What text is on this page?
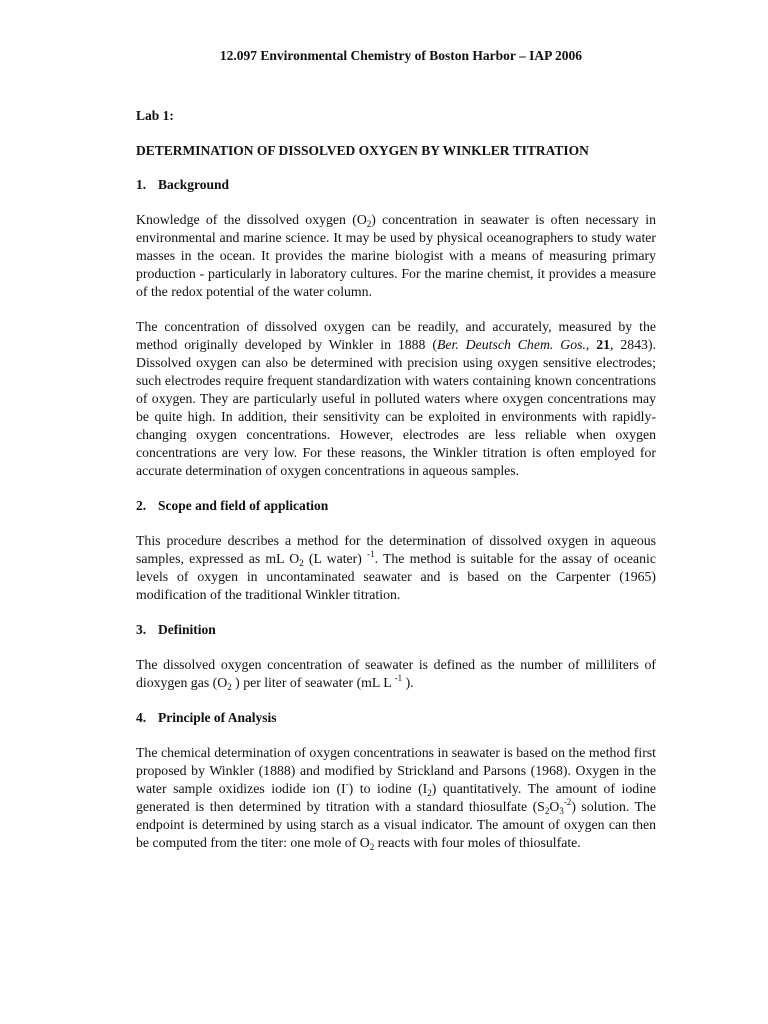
12.097 Environmental Chemistry of Boston Harbor – IAP 2006
Lab 1:
DETERMINATION OF DISSOLVED OXYGEN BY WINKLER TITRATION
1. Background

Knowledge of the dissolved oxygen $(O_2)$ concentration in seawater is often necessary in environmental and marine science. It may be used by physical oceanographers to study water masses in the ocean. It provides the marine biologist with a means of measuring primary production - particularly in laboratory cultures. For the marine chemist, it provides a measure of the redox potential of the water column.

The concentration of dissolved oxygen can be readily, and accurately, measured by the method originally developed by Winkler in 1888 (Ber. Deutsch Chem. Gos., 21, 2843). Dissolved oxygen can also be determined with precision using oxygen sensitive electrodes; such electrodes require frequent standardization with waters containing known concentrations of oxygen. They are particularly useful in polluted waters where oxygen concentrations may be quite high. In addition, their sensitivity can be exploited in environments with rapidly-changing oxygen concentrations. However, electrodes are less reliable when oxygen concentrations are very low. For these reasons, the Winkler titration is often employed for accurate determination of oxygen concentrations in aqueous samples.

2. Scope and field of application

This procedure describes a method for the determination of dissolved oxygen in aqueous samples, expressed as mL $O_2$ (L water) $^{-1}$. The method is suitable for the assay of oceanic levels of oxygen in uncontaminated seawater and is based on the Carpenter (1965) modification of the traditional Winkler titration.

3. Definition

The dissolved oxygen concentration of seawater is defined as the number of milliliters of dioxygen gas ($O_2$ ) per liter of seawater (mL L $^{-1}$ ).

4. Principle of Analysis

The chemical determination of oxygen concentrations in seawater is based on the method first proposed by Winkler (1888) and modified by Strickland and Parsons (1968). Oxygen in the water sample oxidizes iodide ion (I-) to iodine $(I_2)$ quantitatively. The amount of iodine generated is then determined by titration with a standard thiosulfate $(S_2O_3^{-2})$ solution. The endpoint is determined by using starch as a visual indicator. The amount of oxygen can then be computed from the titer: one mole of $O_2$ reacts with four moles of thiosulfate.
